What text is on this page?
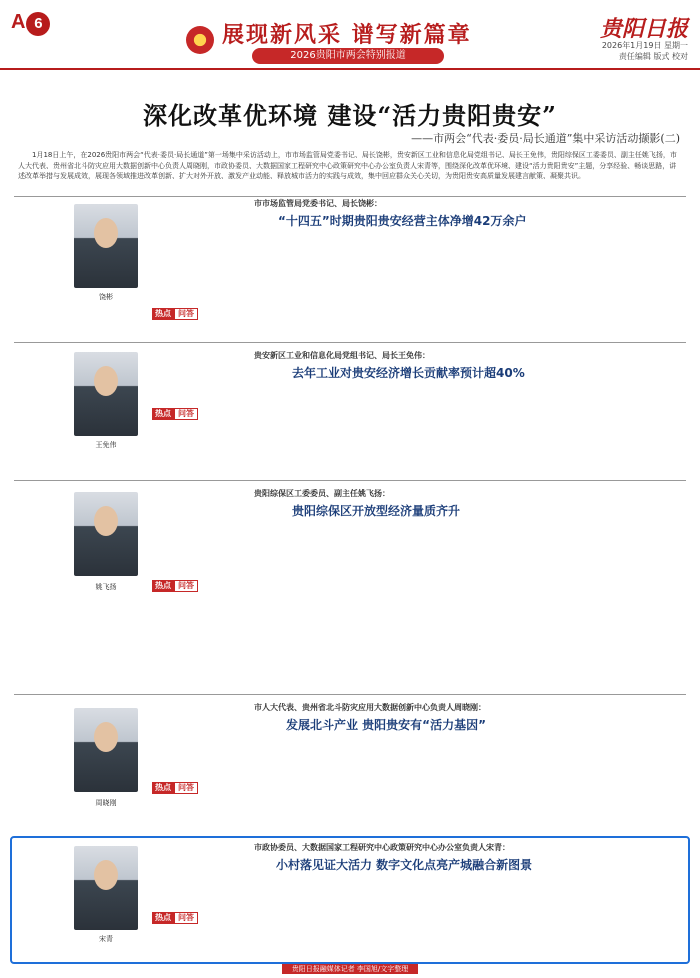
A 6	展现新风采 谱写新篇章
2026贵阳市两会特别报道
贵阳日报
2026年1月19日 星期一
责任编辑 版式 校对
深化改革优环境 建设“活力贵阳贵安”
——市两会“代表·委员·局长通道”集中采访活动撷影(二)
1月18日上午，在2026贵阳市两会“代表·委员·局长通道”第一场集中采访活动上，市市场监管局党委书记、局长饶彬，贵安新区工业和信息化局党组书记、局长王免伟，贵阳综保区工委委员、副主任姚飞扬，市人大代表、贵州省北斗防灾应用大数据创新中心负责人周晓刚，市政协委员、大数据国家工程研究中心政策研究中心办公室负责人宋青等，围绕深化改革优环境、建设“活力贵阳贵安”主题，分享经验、畅谈思路，讲述改革举措与发展成效，展现各领域推进改革创新、扩大对外开放、激发产业动能、释放城市活力的实践与成效，集中回应群众关心关切，为贵阳贵安高质量发展建言献策、凝聚共识。
饶彬

热点 问答
市市场监管局党委书记、局长饶彬：
“十四五”时期贵阳贵安经营主体净增42万余户
王免伟
热点 问答
贵安新区工业和信息化局党组书记、局长王免伟：
去年工业对贵安经济增长贡献率预计超40%
姚飞扬	热点 问答
贵阳综保区工委委员、副主任姚飞扬：
贵阳综保区开放型经济量质齐升
周晓刚
热点 问答
市人大代表、贵州省北斗防灾应用大数据创新中心负责人周晓刚：
发展北斗产业 贵阳贵安有“活力基因”
宋青
热点 问答
市政协委员、大数据国家工程研究中心政策研究中心办公室负责人宋青：
小村落见证大活力 数字文化点亮产城融合新图景
贵阳日报融媒体记者 李国旭/文字整理
